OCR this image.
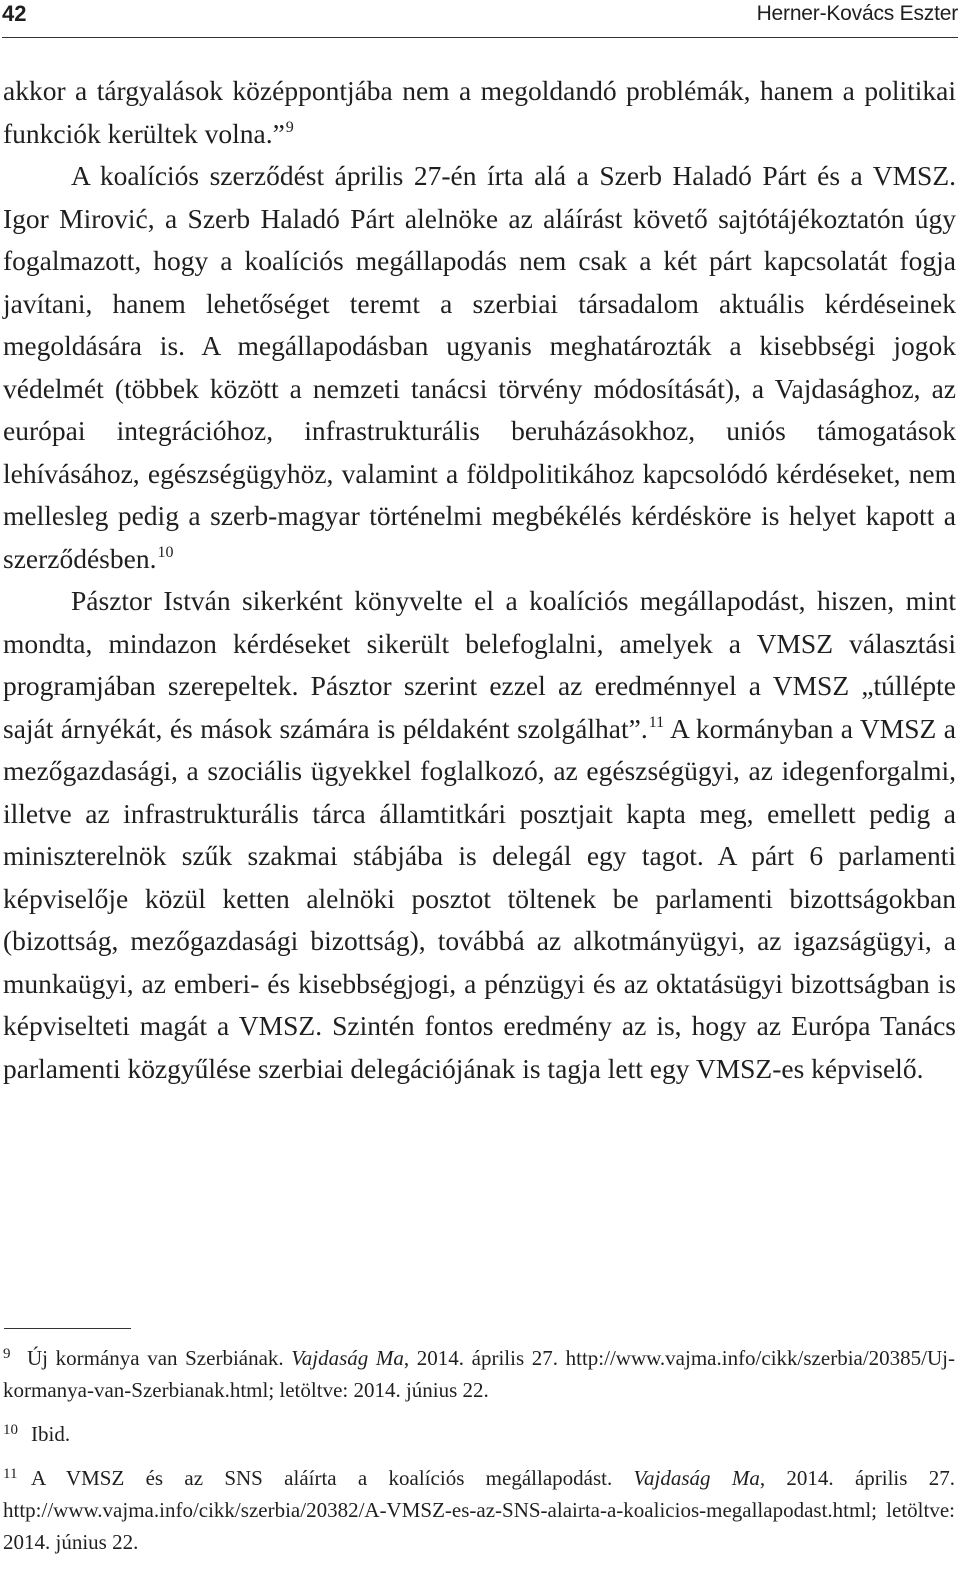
42	Herner-Kovács Eszter

akkor a tárgyalások középpontjába nem a megoldandó problémák, hanem a politikai funkciók kerültek volna.”$^9$

A koalíciós szerződést április 27-én írta alá a Szerb Haladó Párt és a VMSZ. Igor Mirović, a Szerb Haladó Párt alelnöke az aláírást követő sajtótájékoztatón úgy fogalmazott, hogy a koalíciós megállapodás nem csak a két párt kapcsolatát fogja javítani, hanem lehetőséget teremt a szerbiai társadalom aktuális kérdéseinek megoldására is. A megállapodásban ugyanis meghatározták a kisebbségi jogok védelmét (többek között a nemzeti tanácsi törvény módosítását), a Vajdasághoz, az európai integrációhoz, infrastrukturális beruházásokhoz, uniós támogatások lehívásához, egészségügyhöz, valamint a földpolitikához kapcsolódó kérdéseket, nem mellesleg pedig a szerb-magyar történelmi megbékélés kérdésköre is helyet kapott a szerződésben.$^{10}$

Pásztor István sikerként könyvelte el a koalíciós megállapodást, hiszen, mint mondta, mindazon kérdéseket sikerült belefoglalni, amelyek a VMSZ választási programjában szerepeltek. Pásztor szerint ezzel az eredménnyel a VMSZ „túllépte saját árnyékát, és mások számára is példaként szolgálhat”.$^{11}$ A kormányban a VMSZ a mezőgazdasági, a szociális ügyekkel foglalkozó, az egészségügyi, az idegenforgalmi, illetve az infrastrukturális tárca államtitkári posztjait kapta meg, emellett pedig a miniszterelnök szűk szakmai stábjába is delegál egy tagot. A párt 6 parlamenti képviselője közül ketten alelnöki posztot töltenek be parlamenti bizottságokban (bizottság, mezőgazdasági bizottság), továbbá az alkotmányügyi, az igazságügyi, a munkaügyi, az emberi- és kisebbségjogi, a pénzügyi és az oktatásügyi bizottságban is képviselteti magát a VMSZ. Szintén fontos eredmény az is, hogy az Európa Tanács parlamenti közgyűlése szerbiai delegációjának is tagja lett egy VMSZ-es képviselő.

9 Új kormánya van Szerbiának. Vajdaság Ma, 2014. április 27. http://www.vajma.info/cikk/szerbia/20385/Uj-kormanya-van-Szerbianak.html; letöltve: 2014. június 22.

10 Ibid.

11 A VMSZ és az SNS aláírta a koalíciós megállapodást. Vajdaság Ma, 2014. április 27. http://www.vajma.info/cikk/szerbia/20382/A-VMSZ-es-az-SNS-alairta-a-koalicios-megallapodast.html; letöltve: 2014. június 22.
